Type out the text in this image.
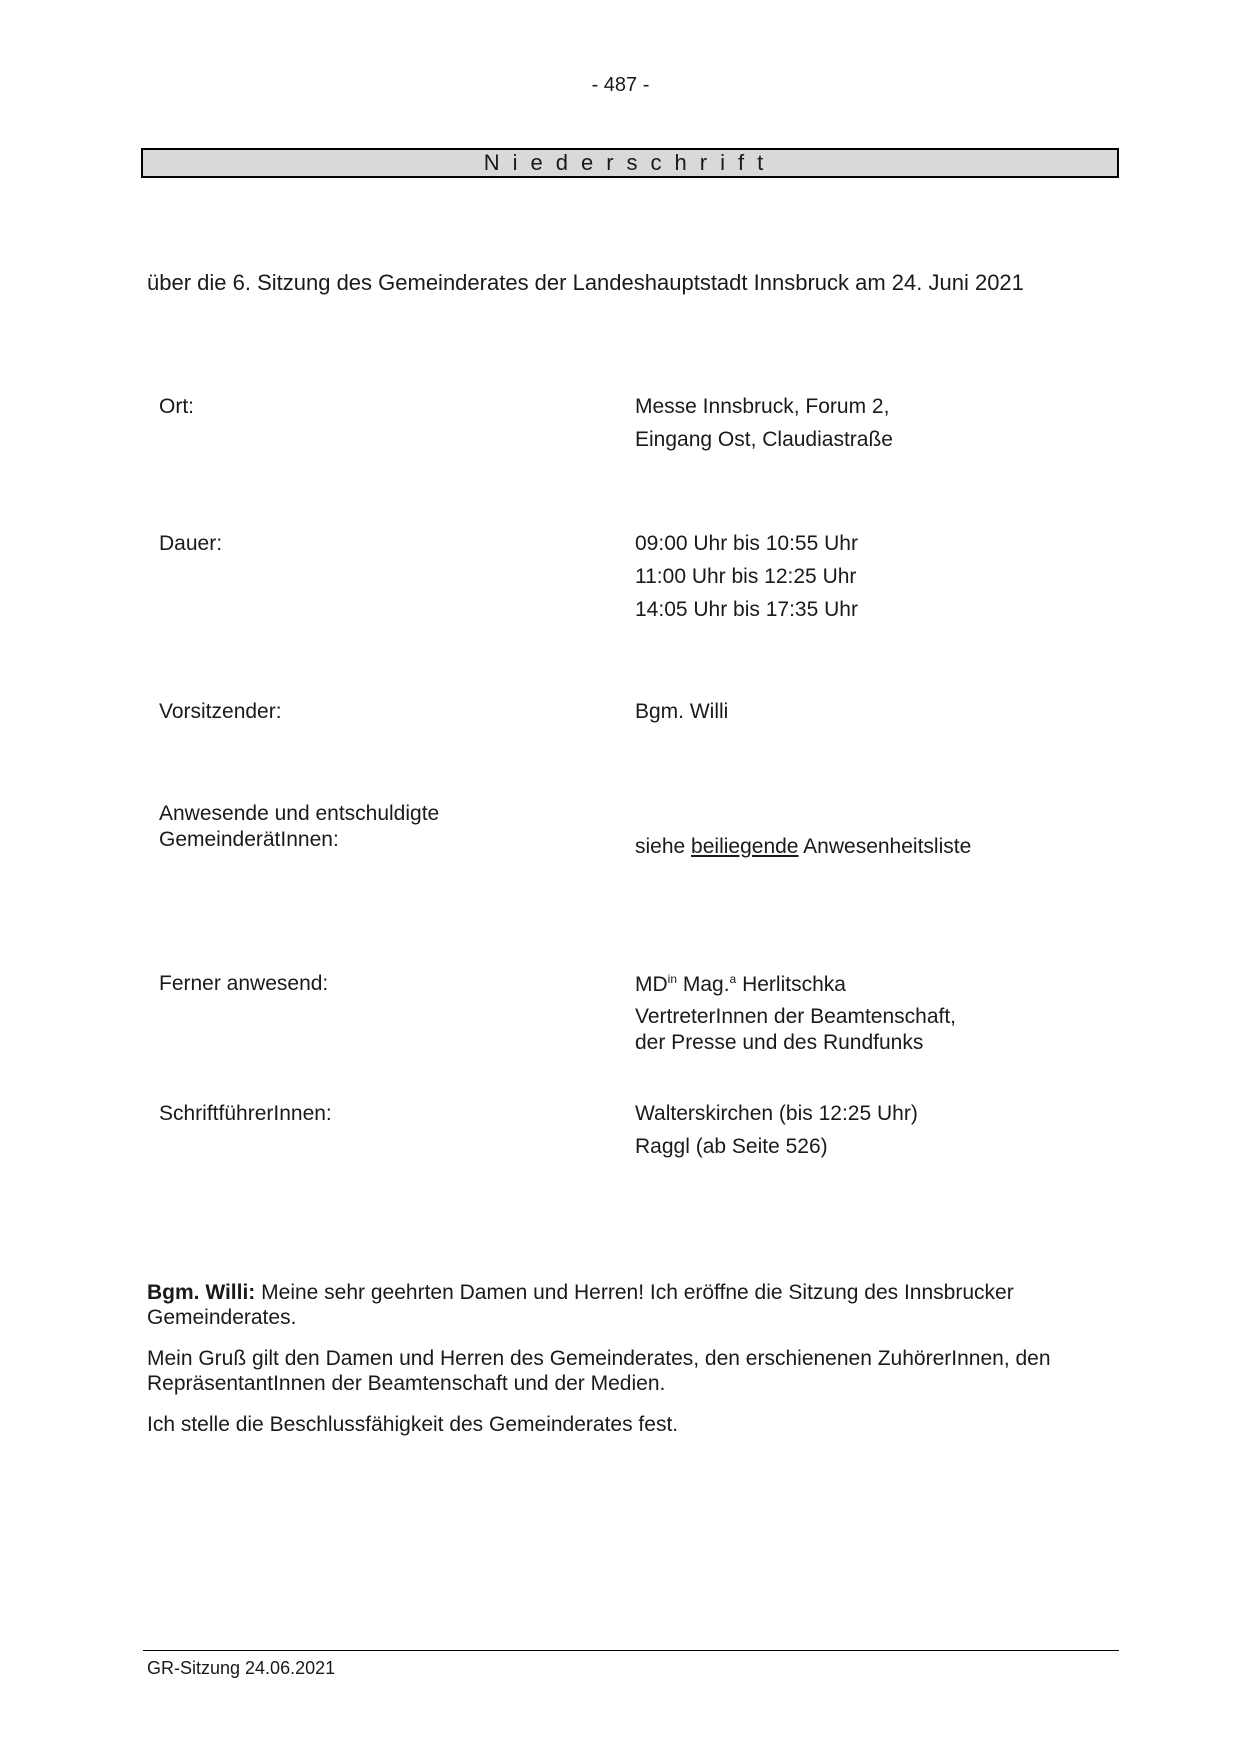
- 487 -
Niederschrift
über die 6. Sitzung des Gemeinderates der Landeshauptstadt Innsbruck am 24. Juni 2021
Ort:	Messe Innsbruck, Forum 2,
Eingang Ost, Claudiastraße
Dauer:	09:00 Uhr bis 10:55 Uhr
11:00 Uhr bis 12:25 Uhr
14:05 Uhr bis 17:35 Uhr
Vorsitzender:	Bgm. Willi
Anwesende und entschuldigte
GemeinderätInnen:	siehe beiliegende Anwesenheitsliste
Ferner anwesend:	$MD^{in}$ Mag.$^a$ Herlitschka
VertreterInnen der Beamtenschaft,
der Presse und des Rundfunks
SchriftführerInnen:	Walterskirchen (bis 12:25 Uhr)
Raggl (ab Seite 526)
Bgm. Willi: Meine sehr geehrten Damen und Herren! Ich eröffne die Sitzung des Innsbrucker Gemeinderates.
Mein Gruß gilt den Damen und Herren des Gemeinderates, den erschienenen ZuhörerInnen, den RepräsentantInnen der Beamtenschaft und der Medien.
Ich stelle die Beschlussfähigkeit des Gemeinderates fest.
GR-Sitzung 24.06.2021
